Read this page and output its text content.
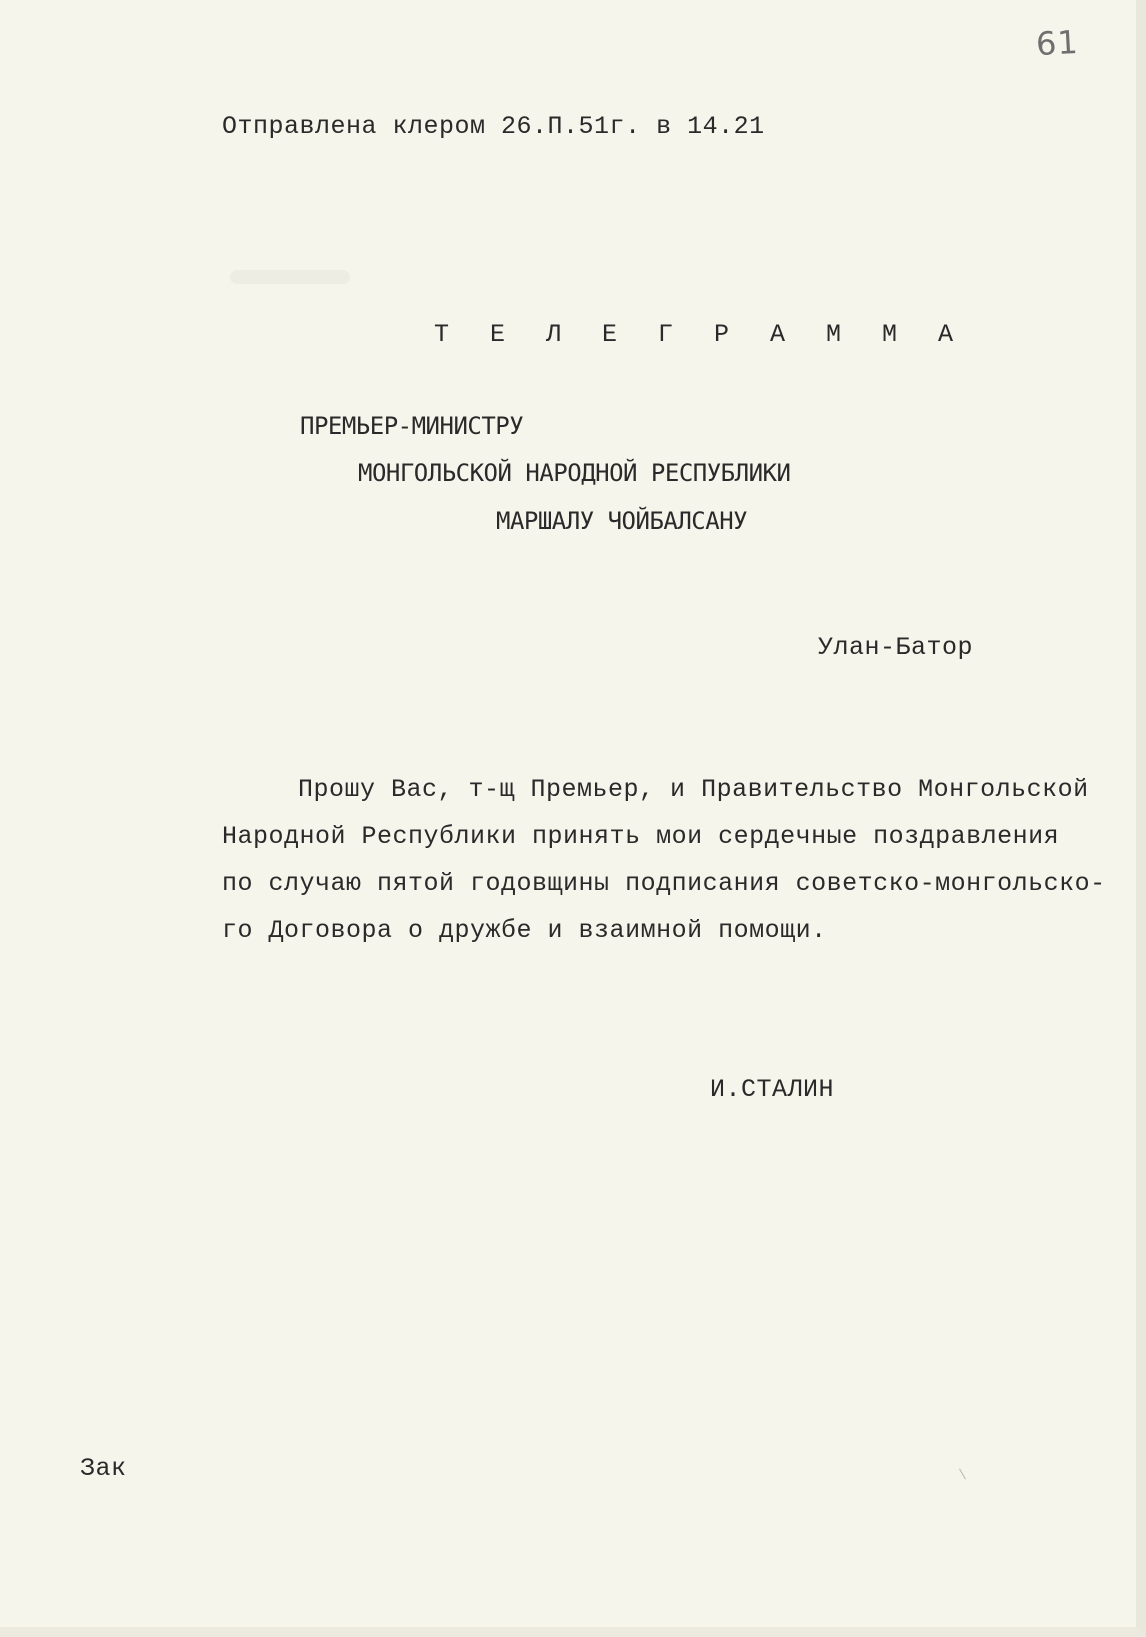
61
Отправлена клером 26.П.51г. в 14.21
Т Е Л Е Г Р А М М А
ПРЕМЬЕР-МИНИСТРУ
МОНГОЛЬСКОЙ НАРОДНОЙ РЕСПУБЛИКИ
МАРШАЛУ ЧОЙБАЛСАНУ
Улан-Батор
Прошу Вас, т-щ Премьер, и Правительство Монгольской
Народной Республики принять мои сердечные поздравления
по случаю пятой годовщины подписания советско-монгольско-
го Договора о дружбе и взаимной помощи.
И.СТАЛИН
Зак
